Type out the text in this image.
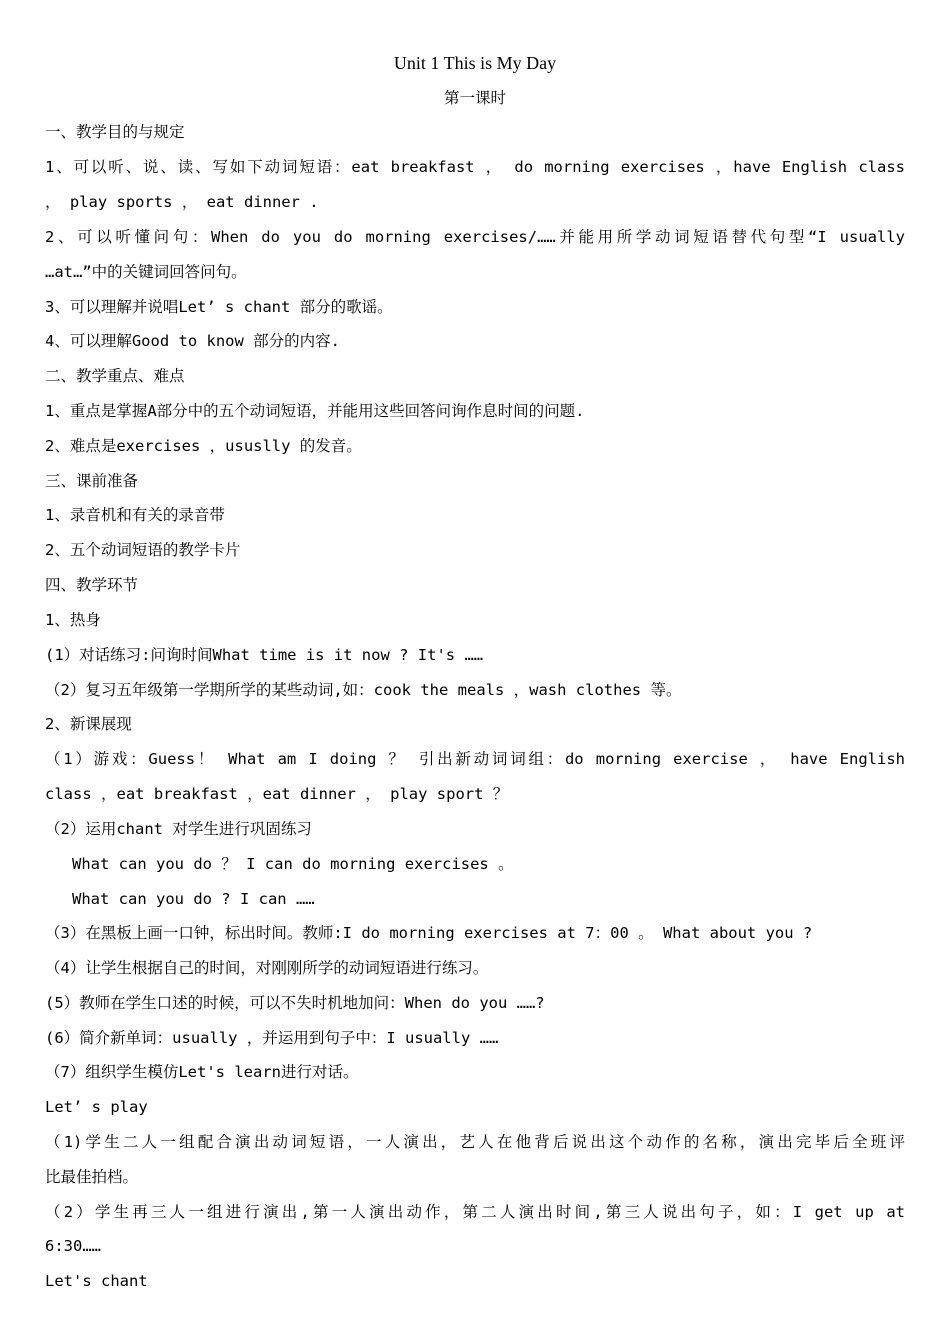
Unit 1 This is My Day
第一课时
一、教学目的与规定
1、可以听、说、读、写如下动词短语：eat breakfast ， do morning exercises ，have English class
， play sports ， eat dinner .
2、可以听懂问句：When do you do morning exercises/……并能用所学动词短语替代句型“I usually
…at…”中的关键词回答问句。
3、可以理解并说唱Let’ s chant 部分的歌谣。
4、可以理解Good to know 部分的内容.
二、教学重点、难点
1、重点是掌握A部分中的五个动词短语，并能用这些回答问询作息时间的问题.
2、难点是exercises ，ususlly 的发音。
三、课前准备
1、录音机和有关的录音带
2、五个动词短语的教学卡片
四、教学环节
1、热身
(1）对话练习:问询时间What time is it now ? It's ……
（2）复习五年级第一学期所学的某些动词,如：cook the meals ，wash clothes 等。
2、新课展现
（1）游戏：Guess！ What am I doing ？ 引出新动词词组：do morning exercise ， have English
class ，eat breakfast ，eat dinner ， play sport ？
（2）运用chant 对学生进行巩固练习
What can you do ？ I can do morning exercises 。
What can you do ? I can ……
（3）在黑板上画一口钟，标出时间。教师:I do morning exercises at 7：00 。 What about you ?
（4）让学生根据自己的时间，对刚刚所学的动词短语进行练习。
(5）教师在学生口述的时候，可以不失时机地加问：When do you ……?
(6）简介新单词：usually ，并运用到句子中：I usually ……
（7）组织学生模仿Let's learn进行对话。
Let’ s play
（1)学生二人一组配合演出动词短语，一人演出，艺人在他背后说出这个动作的名称，演出完毕后全班评
比最佳拍档。
（2）学生再三人一组进行演出,第一人演出动作，第二人演出时间,第三人说出句子，如：I get up at
6:30……
Let's chant
